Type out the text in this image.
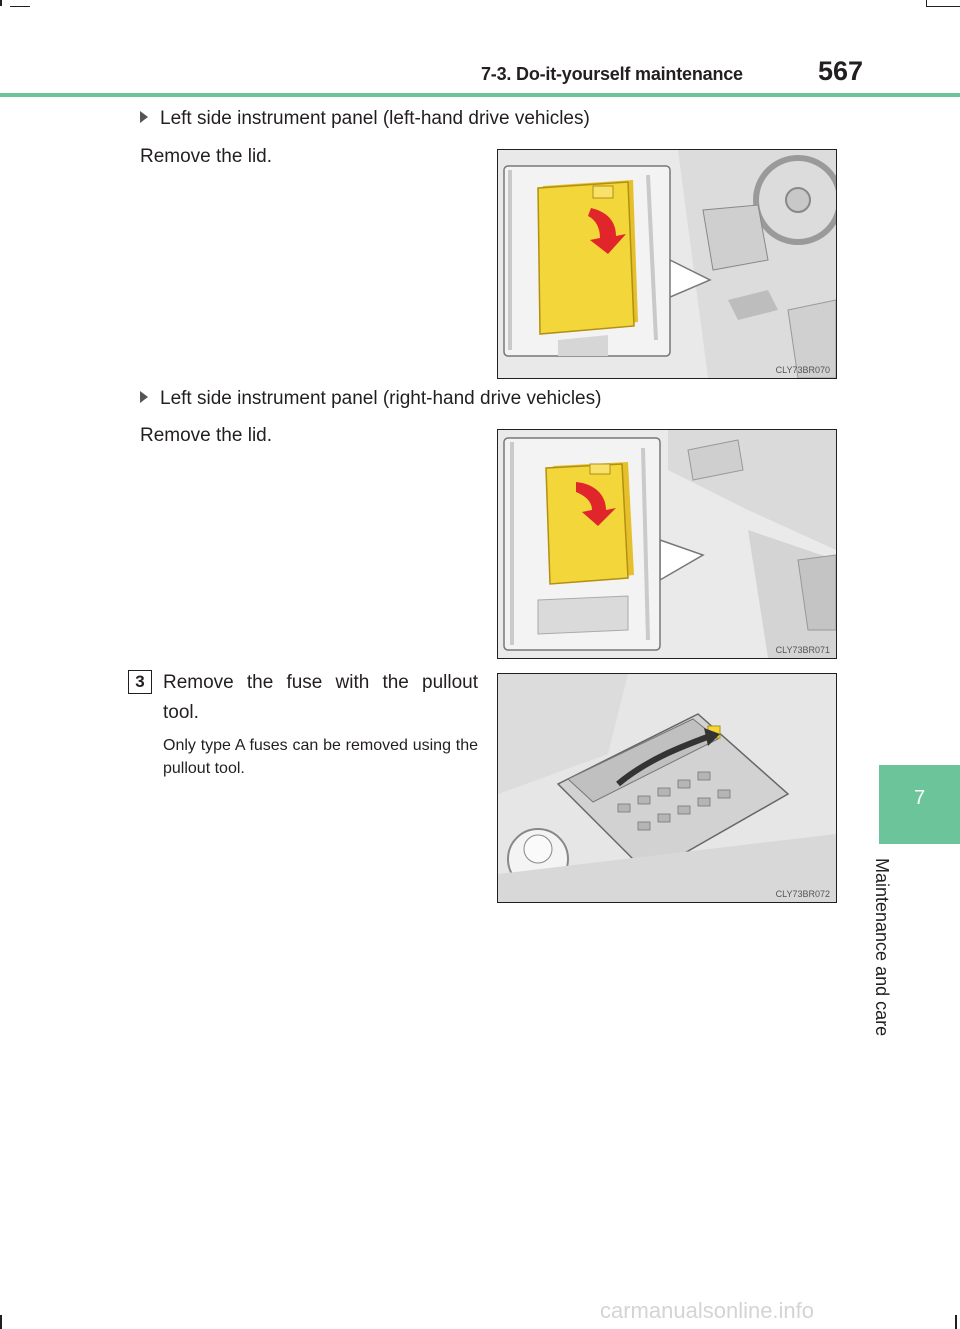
7-3. Do-it-yourself maintenance	567
7
Maintenance and care
Left side instrument panel (left-hand drive vehicles)
Remove the lid.
CLY73BR070
Left side instrument panel (right-hand drive vehicles)
Remove the lid.
CLY73BR071
3 Remove the fuse with the pullout tool.
Only type A fuses can be removed using the pullout tool.
CLY73BR072
carmanualsonline.info
